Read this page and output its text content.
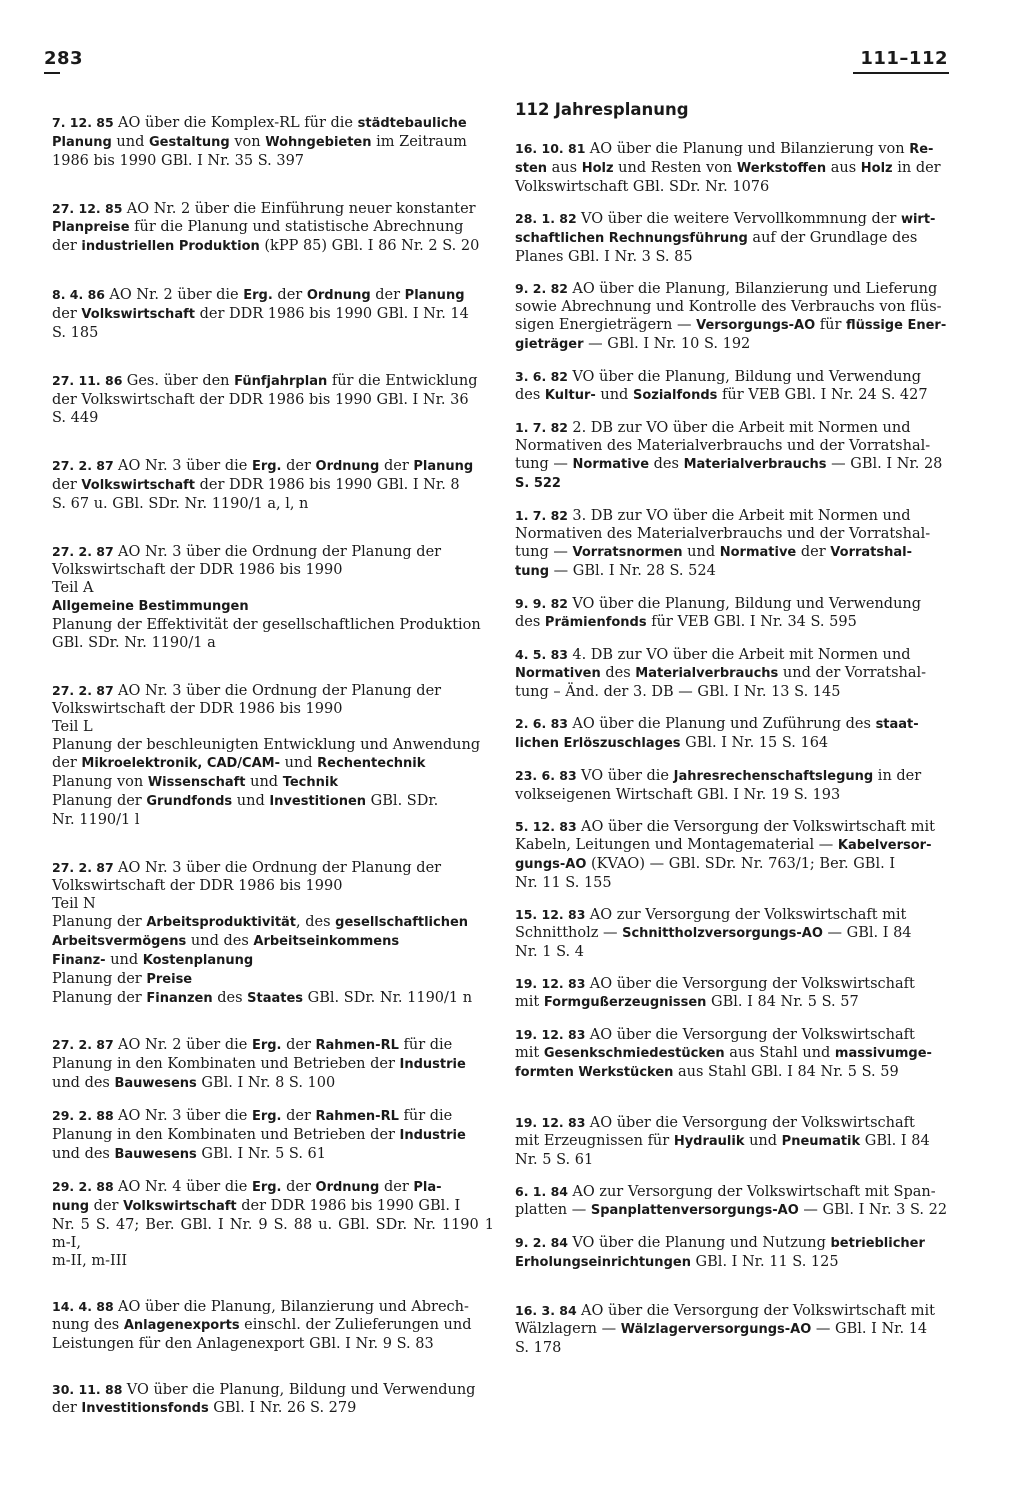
283	111–112
7. 12. 85 AO über die Komplex-RL für die städtebauliche
Planung und Gestaltung von Wohngebieten im Zeitraum
1986 bis 1990 GBl. I Nr. 35 S. 397
27. 12. 85 AO Nr. 2 über die Einführung neuer konstanter
Planpreise für die Planung und statistische Abrechnung
der industriellen Produktion (kPP 85) GBl. I 86 Nr. 2 S. 20
8. 4. 86 AO Nr. 2 über die Erg. der Ordnung der Planung
der Volkswirtschaft der DDR 1986 bis 1990 GBl. I Nr. 14
S. 185
27. 11. 86 Ges. über den Fünfjahrplan für die Entwicklung
der Volkswirtschaft der DDR 1986 bis 1990 GBl. I Nr. 36
S. 449
27. 2. 87 AO Nr. 3 über die Erg. der Ordnung der Planung
der Volkswirtschaft der DDR 1986 bis 1990 GBl. I Nr. 8
S. 67 u. GBl. SDr. Nr. 1190/1 a, l, n
27. 2. 87 AO Nr. 3 über die Ordnung der Planung der
Volkswirtschaft der DDR 1986 bis 1990
Teil A
Allgemeine Bestimmungen
Planung der Effektivität der gesellschaftlichen Produktion
GBl. SDr. Nr. 1190/1 a
27. 2. 87 AO Nr. 3 über die Ordnung der Planung der
Volkswirtschaft der DDR 1986 bis 1990
Teil L
Planung der beschleunigten Entwicklung und Anwendung
der Mikroelektronik, CAD/CAM- und Rechentechnik
Planung von Wissenschaft und Technik
Planung der Grundfonds und Investitionen GBl. SDr.
Nr. 1190/1 l
27. 2. 87 AO Nr. 3 über die Ordnung der Planung der
Volkswirtschaft der DDR 1986 bis 1990
Teil N
Planung der Arbeitsproduktivität, des gesellschaftlichen
Arbeitsvermögens und des Arbeitseinkommens
Finanz- und Kostenplanung
Planung der Preise
Planung der Finanzen des Staates GBl. SDr. Nr. 1190/1 n
27. 2. 87 AO Nr. 2 über die Erg. der Rahmen-RL für die
Planung in den Kombinaten und Betrieben der Industrie
und des Bauwesens GBl. I Nr. 8 S. 100
29. 2. 88 AO Nr. 3 über die Erg. der Rahmen-RL für die
Planung in den Kombinaten und Betrieben der Industrie
und des Bauwesens GBl. I Nr. 5 S. 61
29. 2. 88 AO Nr. 4 über die Erg. der Ordnung der Pla-
nung der Volkswirtschaft der DDR 1986 bis 1990 GBl. I
Nr. 5 S. 47; Ber. GBl. I Nr. 9 S. 88 u. GBl. SDr. Nr. 1190 1 m-I,
m-II, m-III
14. 4. 88 AO über die Planung, Bilanzierung und Abrech-
nung des Anlagenexports einschl. der Zulieferungen und
Leistungen für den Anlagenexport GBl. I Nr. 9 S. 83
30. 11. 88 VO über die Planung, Bildung und Verwendung
der Investitionsfonds GBl. I Nr. 26 S. 279
112 Jahresplanung
16. 10. 81 AO über die Planung und Bilanzierung von Re-
sten aus Holz und Resten von Werkstoffen aus Holz in der
Volkswirtschaft GBl. SDr. Nr. 1076
28. 1. 82 VO über die weitere Vervollkommnung der wirt-
schaftlichen Rechnungsführung auf der Grundlage des
Planes GBl. I Nr. 3 S. 85
9. 2. 82 AO über die Planung, Bilanzierung und Lieferung
sowie Abrechnung und Kontrolle des Verbrauchs von flüs-
sigen Energieträgern — Versorgungs-AO für flüssige Ener-
gieträger — GBl. I Nr. 10 S. 192
3. 6. 82 VO über die Planung, Bildung und Verwendung
des Kultur- und Sozialfonds für VEB GBl. I Nr. 24 S. 427
1. 7. 82 2. DB zur VO über die Arbeit mit Normen und
Normativen des Materialverbrauchs und der Vorratshal-
tung — Normative des Materialverbrauchs — GBl. I Nr. 28
S. 522
1. 7. 82 3. DB zur VO über die Arbeit mit Normen und
Normativen des Materialverbrauchs und der Vorratshal-
tung — Vorratsnormen und Normative der Vorratshal-
tung — GBl. I Nr. 28 S. 524
9. 9. 82 VO über die Planung, Bildung und Verwendung
des Prämienfonds für VEB GBl. I Nr. 34 S. 595
4. 5. 83 4. DB zur VO über die Arbeit mit Normen und
Normativen des Materialverbrauchs und der Vorratshal-
tung – Änd. der 3. DB — GBl. I Nr. 13 S. 145
2. 6. 83 AO über die Planung und Zuführung des staat-
lichen Erlöszuschlages GBl. I Nr. 15 S. 164
23. 6. 83 VO über die Jahresrechenschaftslegung in der
volkseigenen Wirtschaft GBl. I Nr. 19 S. 193
5. 12. 83 AO über die Versorgung der Volkswirtschaft mit
Kabeln, Leitungen und Montagematerial — Kabelversor-
gungs-AO (KVAO) — GBl. SDr. Nr. 763/1; Ber. GBl. I
Nr. 11 S. 155
15. 12. 83 AO zur Versorgung der Volkswirtschaft mit
Schnittholz — Schnittholzversorgungs-AO — GBl. I 84
Nr. 1 S. 4
19. 12. 83 AO über die Versorgung der Volkswirtschaft
mit Formgußerzeugnissen GBl. I 84 Nr. 5 S. 57
19. 12. 83 AO über die Versorgung der Volkswirtschaft
mit Gesenkschmiedestücken aus Stahl und massivumge-
formten Werkstücken aus Stahl GBl. I 84 Nr. 5 S. 59
19. 12. 83 AO über die Versorgung der Volkswirtschaft
mit Erzeugnissen für Hydraulik und Pneumatik GBl. I 84
Nr. 5 S. 61
6. 1. 84 AO zur Versorgung der Volkswirtschaft mit Span-
platten — Spanplattenversorgungs-AO — GBl. I Nr. 3 S. 22
9. 2. 84 VO über die Planung und Nutzung betrieblicher
Erholungseinrichtungen GBl. I Nr. 11 S. 125
16. 3. 84 AO über die Versorgung der Volkswirtschaft mit
Wälzlagern — Wälzlagerversorgungs-AO — GBl. I Nr. 14
S. 178
